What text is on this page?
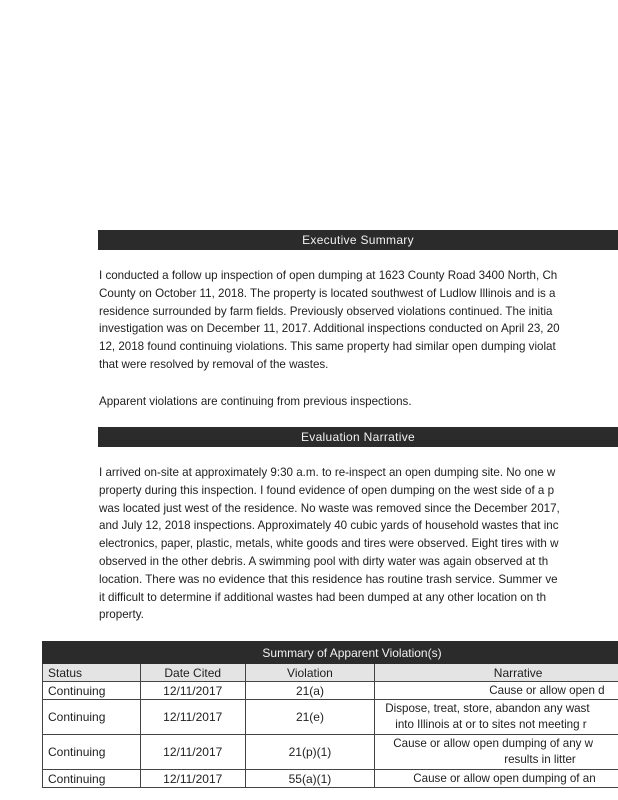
Executive Summary
I conducted a follow up inspection of open dumping at 1623 County Road 3400 North, Ch
County on October 11, 2018. The property is located southwest of Ludlow Illinois and is a
residence surrounded by farm fields. Previously observed violations continued. The initia
investigation was on December 11, 2017. Additional inspections conducted on April 23, 20
12, 2018 found continuing violations. This same property had similar open dumping violat
that were resolved by removal of the wastes.
Apparent violations are continuing from previous inspections.
Evaluation Narrative
I arrived on-site at approximately 9:30 a.m. to re-inspect an open dumping site. No one w
property during this inspection. I found evidence of open dumping on the west side of a p
was located just west of the residence. No waste was removed since the December 2017,
and July 12, 2018 inspections. Approximately 40 cubic yards of household wastes that inc
electronics, paper, plastic, metals, white goods and tires were observed. Eight tires with w
observed in the other debris. A swimming pool with dirty water was again observed at th
location. There was no evidence that this residence has routine trash service. Summer ve
it difficult to determine if additional wastes had been dumped at any other location on th
property.
Summary of Apparent Violation(s)			
Status	Date Cited	Violation	Narrative
Continuing	12/11/2017	21(a)	Cause or allow open d

Continuing	12/11/2017	21(e)	Dispose, treat, store, abandon any wast
into Illinois at or to sites not meeting r

Continuing	12/11/2017	21(p)(1)	Cause or allow open dumping of any w
results in litter

Continuing	12/11/2017	55(a)(1)	Cause or allow open dumping of an
